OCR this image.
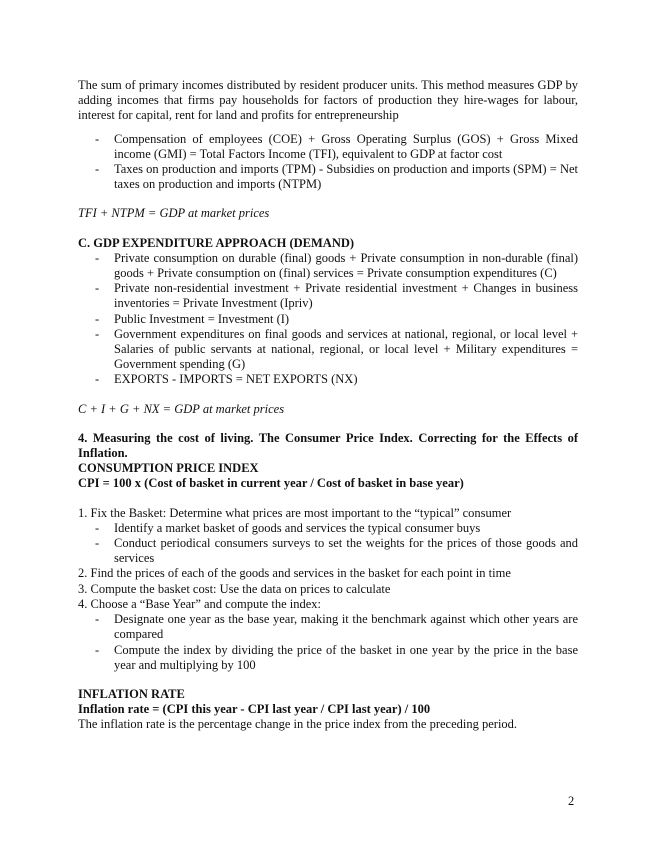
The sum of primary incomes distributed by resident producer units. This method measures GDP by adding incomes that firms pay households for factors of production they hire-wages for labour, interest for capital, rent for land and profits for entrepreneurship

- Compensation of employees (COE) + Gross Operating Surplus (GOS) + Gross Mixed income (GMI) = Total Factors Income (TFI), equivalent to GDP at factor cost
- Taxes on production and imports (TPM) - Subsidies on production and imports (SPM) = Net taxes on production and imports (NTPM)

TFI + NTPM = GDP at market prices

C. GDP EXPENDITURE APPROACH (DEMAND)

- Private consumption on durable (final) goods + Private consumption in non-durable (final) goods + Private consumption on (final) services = Private consumption expenditures (C)
- Private non-residential investment + Private residential investment + Changes in business inventories = Private Investment (Ipriv)
- Public Investment = Investment (I)
- Government expenditures on final goods and services at national, regional, or local level + Salaries of public servants at national, regional, or local level + Military expenditures = Government spending (G)
- EXPORTS - IMPORTS = NET EXPORTS (NX)

C + I + G + NX = GDP at market prices

4. Measuring the cost of living. The Consumer Price Index. Correcting for the Effects of Inflation.

CONSUMPTION PRICE INDEX

CPI = 100 x (Cost of basket in current year / Cost of basket in base year)

1. Fix the Basket: Determine what prices are most important to the “typical” consumer

- Identify a market basket of goods and services the typical consumer buys
- Conduct periodical consumers surveys to set the weights for the prices of those goods and services

2. Find the prices of each of the goods and services in the basket for each point in time

3. Compute the basket cost: Use the data on prices to calculate

4. Choose a “Base Year” and compute the index:

- Designate one year as the base year, making it the benchmark against which other years are compared
- Compute the index by dividing the price of the basket in one year by the price in the base year and multiplying by 100

INFLATION RATE

Inflation rate = (CPI this year - CPI last year / CPI last year) / 100

The inflation rate is the percentage change in the price index from the preceding period.

2
